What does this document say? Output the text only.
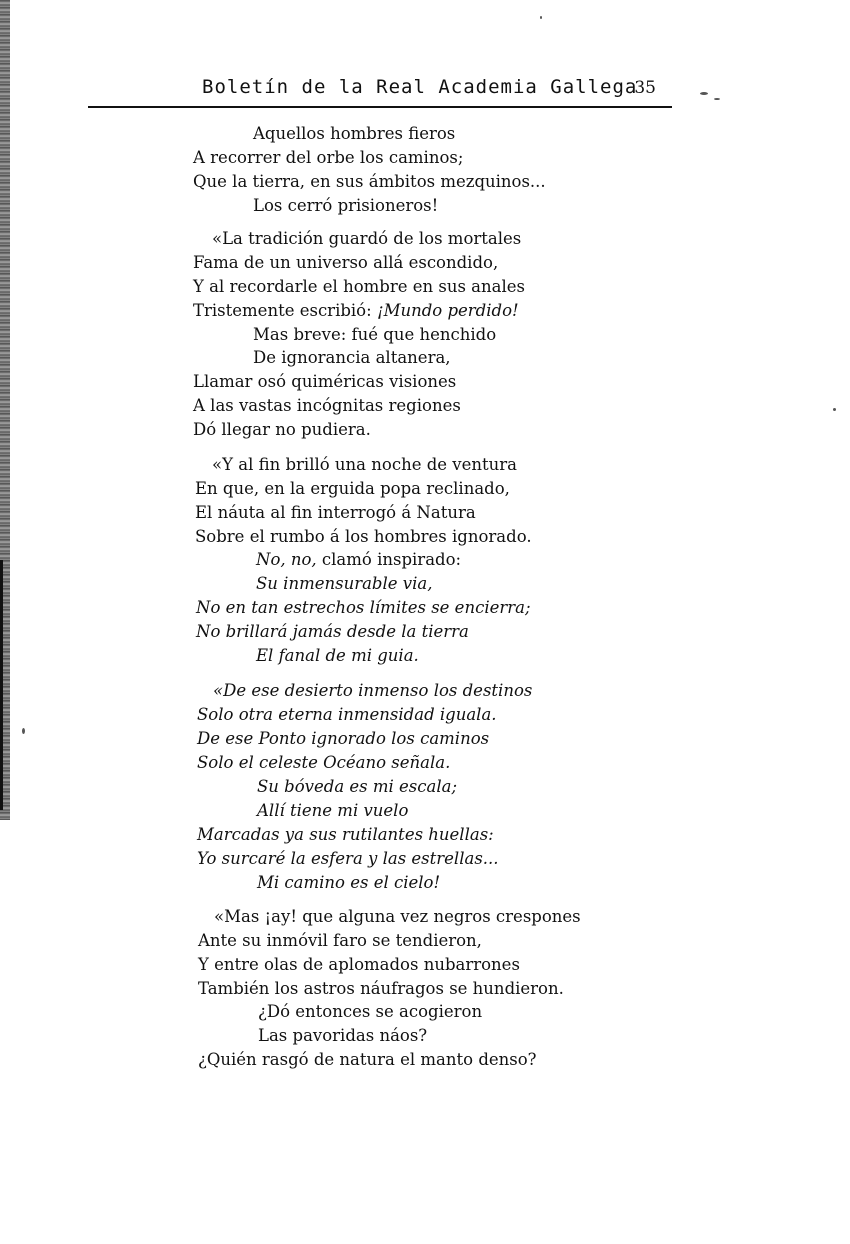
Boletín de la Real Academia Gallega
35
Aquellos hombres fieros
A recorrer del orbe los caminos;
Que la tierra, en sus ámbitos mezquinos...
Los cerró prisioneros!
«La tradición guardó de los mortales
Fama de un universo allá escondido,
Y al recordarle el hombre en sus anales
Tristemente escribió: ¡Mundo perdido!
Mas breve: fué que henchido
De ignorancia altanera,
Llamar osó quiméricas visiones
A las vastas incógnitas regiones
Dó llegar no pudiera.
«Y al fin brilló una noche de ventura
En que, en la erguida popa reclinado,
El náuta al fin interrogó á Natura
Sobre el rumbo á los hombres ignorado.
No, no, clamó inspirado:
Su inmensurable via,
No en tan estrechos límites se encierra;
No brillará jamás desde la tierra
El fanal de mi guia.
«De ese desierto inmenso los destinos
Solo otra eterna inmensidad iguala.
De ese Ponto ignorado los caminos
Solo el celeste Océano señala.
Su bóveda es mi escala;
Allí tiene mi vuelo
Marcadas ya sus rutilantes huellas:
Yo surcaré la esfera y las estrellas...
Mi camino es el cielo!
«Mas ¡ay! que alguna vez negros crespones
Ante su inmóvil faro se tendieron,
Y entre olas de aplomados nubarrones
También los astros náufragos se hundieron.
¿Dó entonces se acogieron
Las pavoridas náos?
¿Quién rasgó de natura el manto denso?
